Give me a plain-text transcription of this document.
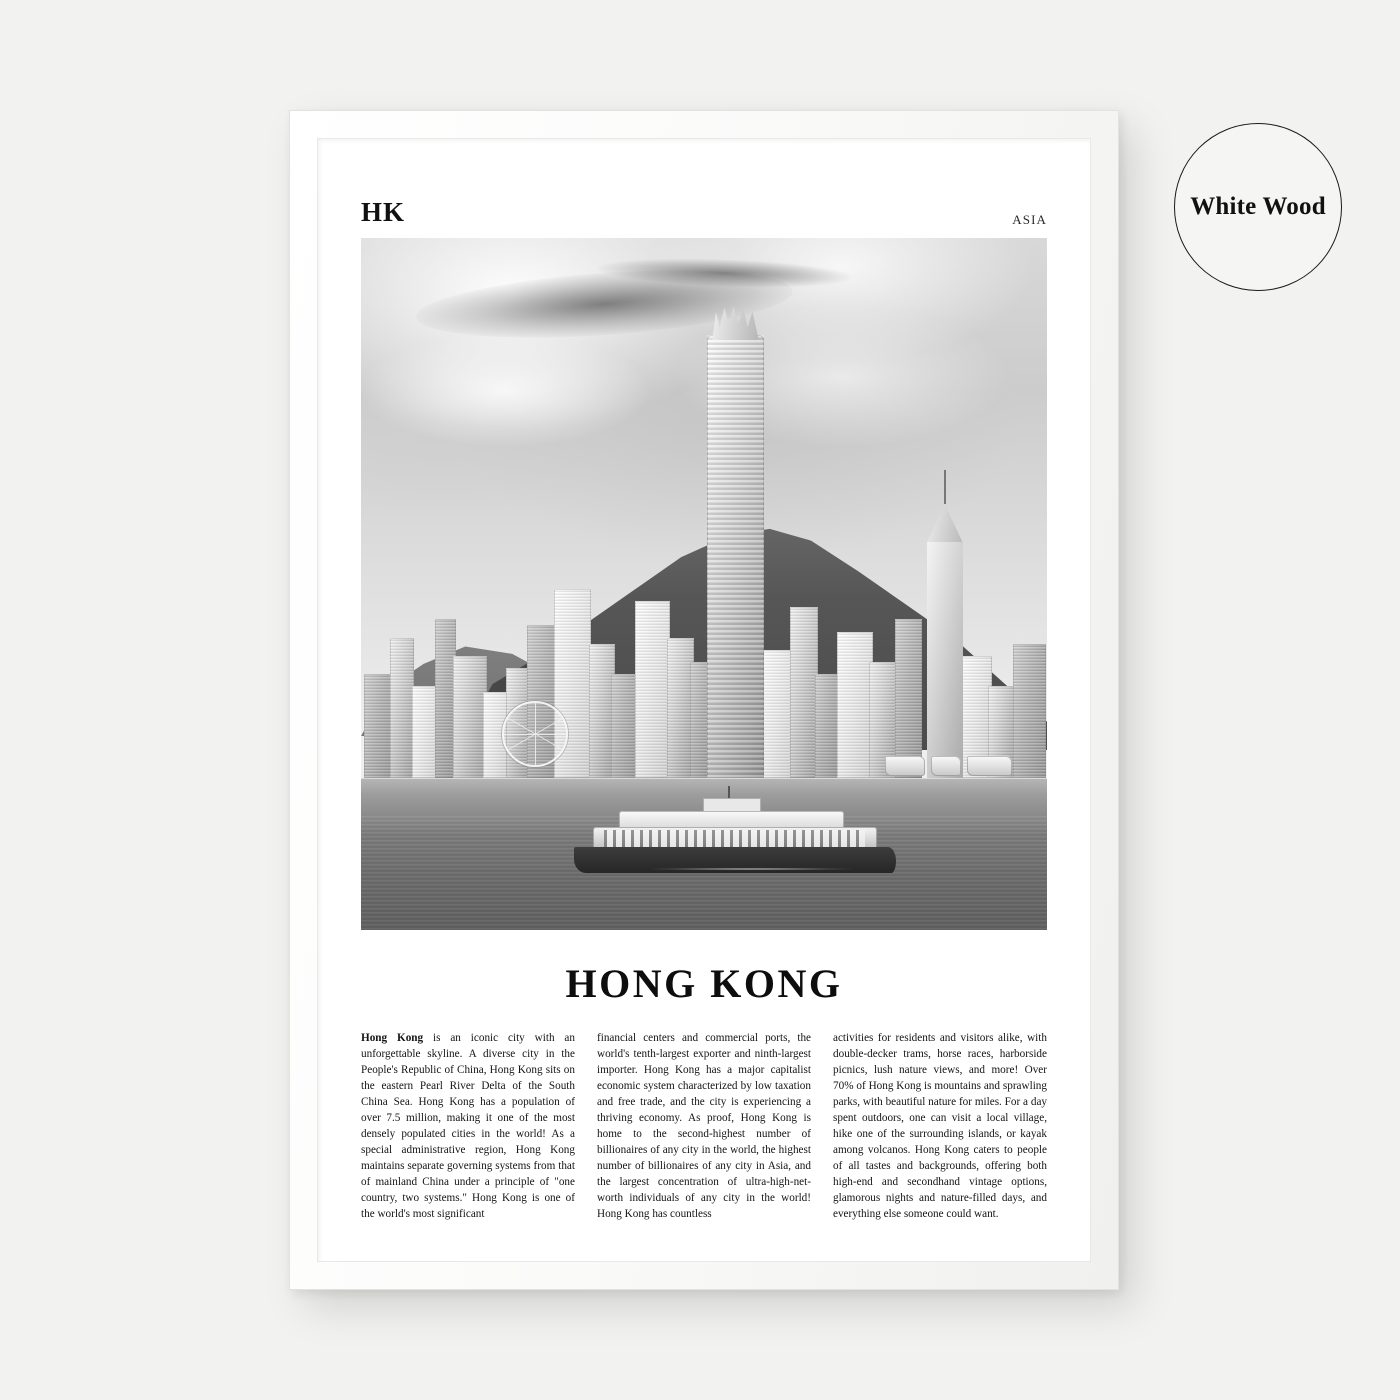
White Wood
HK	ASIA
HONG KONG
Hong Kong is an iconic city with an unforgettable skyline. A diverse city in the People's Republic of China, Hong Kong sits on the eastern Pearl River Delta of the South China Sea. Hong Kong has a population of over 7.5 million, making it one of the most densely populated cities in the world! As a special administrative region, Hong Kong maintains separate governing systems from that of mainland China under a principle of "one country, two systems." Hong Kong is one of the world's most significant
financial centers and commercial ports, the world's tenth-largest exporter and ninth-largest importer. Hong Kong has a major capitalist economic system characterized by low taxation and free trade, and the city is experiencing a thriving economy. As proof, Hong Kong is home to the second-highest number of billionaires of any city in the world, the highest number of billionaires of any city in Asia, and the largest concentration of ultra-high-net-worth individuals of any city in the world! Hong Kong has countless
activities for residents and visitors alike, with double-decker trams, horse races, harborside picnics, lush nature views, and more! Over 70% of Hong Kong is mountains and sprawling parks, with beautiful nature for miles. For a day spent outdoors, one can visit a local village, hike one of the surrounding islands, or kayak among volcanos. Hong Kong caters to people of all tastes and backgrounds, offering both high-end and secondhand vintage options, glamorous nights and nature-filled days, and everything else someone could want.
